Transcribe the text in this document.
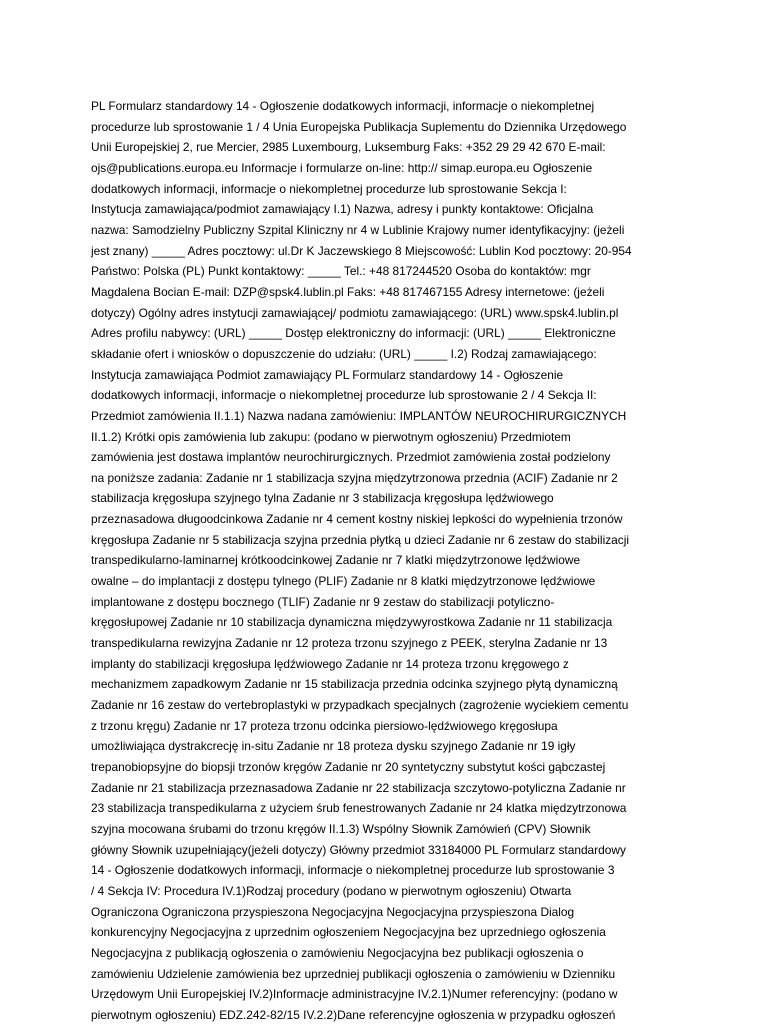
PL Formularz standardowy 14 - Ogłoszenie dodatkowych informacji, informacje o niekompletnej
procedurze lub sprostowanie 1 / 4 Unia Europejska Publikacja Suplementu do Dziennika Urzędowego
Unii Europejskiej 2, rue Mercier, 2985 Luxembourg, Luksemburg Faks: +352 29 29 42 670 E-mail:
ojs@publications.europa.eu Informacje i formularze on-line: http:// simap.europa.eu Ogłoszenie
dodatkowych informacji, informacje o niekompletnej procedurze lub sprostowanie Sekcja I:
Instytucja zamawiająca/podmiot zamawiający I.1) Nazwa, adresy i punkty kontaktowe: Oficjalna
nazwa: Samodzielny Publiczny Szpital Kliniczny nr 4 w Lublinie Krajowy numer identyfikacyjny: (jeżeli
jest znany) _____ Adres pocztowy: ul.Dr K Jaczewskiego 8 Miejscowość: Lublin Kod pocztowy: 20-954
Państwo: Polska (PL) Punkt kontaktowy: _____ Tel.: +48 817244520 Osoba do kontaktów: mgr
Magdalena Bocian E-mail: DZP@spsk4.lublin.pl Faks: +48 817467155 Adresy internetowe: (jeżeli
dotyczy) Ogólny adres instytucji zamawiającej/ podmiotu zamawiającego: (URL) www.spsk4.lublin.pl
Adres profilu nabywcy: (URL) _____ Dostęp elektroniczny do informacji: (URL) _____ Elektroniczne
składanie ofert i wniosków o dopuszczenie do udziału: (URL) _____ I.2) Rodzaj zamawiającego:
Instytucja zamawiająca Podmiot zamawiający PL Formularz standardowy 14 - Ogłoszenie
dodatkowych informacji, informacje o niekompletnej procedurze lub sprostowanie 2 / 4 Sekcja II:
Przedmiot zamówienia II.1.1) Nazwa nadana zamówieniu: IMPLANTÓW NEUROCHIRURGICZNYCH
II.1.2) Krótki opis zamówienia lub zakupu: (podano w pierwotnym ogłoszeniu) Przedmiotem
zamówienia jest dostawa implantów neurochirurgicznych. Przedmiot zamówienia został podzielony
na poniższe zadania: Zadanie nr 1 stabilizacja szyjna międzytrzonowa przednia (ACIF) Zadanie nr 2
stabilizacja kręgosłupa szyjnego tylna Zadanie nr 3 stabilizacja kręgosłupa lędźwiowego
przeznasadowa długoodcinkowa Zadanie nr 4 cement kostny niskiej lepkości do wypełnienia trzonów
kręgosłupa Zadanie nr 5 stabilizacja szyjna przednia płytką u dzieci Zadanie nr 6 zestaw do stabilizacji
transpedikularno-laminarnej krótkoodcinkowej Zadanie nr 7 klatki międzytrzonowe lędźwiowe
owalne – do implantacji z dostępu tylnego (PLIF) Zadanie nr 8 klatki międzytrzonowe lędźwiowe
implantowane z dostępu bocznego (TLIF) Zadanie nr 9 zestaw do stabilizacji potyliczno-
kręgosłupowej Zadanie nr 10 stabilizacja dynamiczna międzywyrostkowa Zadanie nr 11 stabilizacja
transpedikularna rewizyjna Zadanie nr 12 proteza trzonu szyjnego z PEEK, sterylna Zadanie nr 13
implanty do stabilizacji kręgosłupa lędźwiowego Zadanie nr 14 proteza trzonu kręgowego z
mechanizmem zapadkowym Zadanie nr 15 stabilizacja przednia odcinka szyjnego płytą dynamiczną
Zadanie nr 16 zestaw do vertebroplastyki w przypadkach specjalnych (zagrożenie wyciekiem cementu
z trzonu kręgu) Zadanie nr 17 proteza trzonu odcinka piersiowo-lędźwiowego kręgosłupa
umożliwiająca dystrakcrecję in-situ Zadanie nr 18 proteza dysku szyjnego Zadanie nr 19 igły
trepanobiopsyjne do biopsji trzonów kręgów Zadanie nr 20 syntetyczny substytut kości gąbczastej
Zadanie nr 21 stabilizacja przeznasadowa Zadanie nr 22 stabilizacja szczytowo-potyliczna Zadanie nr
23 stabilizacja transpedikularna z użyciem śrub fenestrowanych Zadanie nr 24 klatka międzytrzonowa
szyjna mocowana śrubami do trzonu kręgów II.1.3) Wspólny Słownik Zamówień (CPV) Słownik
główny Słownik uzupełniający(jeżeli dotyczy) Główny przedmiot 33184000 PL Formularz standardowy
14 - Ogłoszenie dodatkowych informacji, informacje o niekompletnej procedurze lub sprostowanie 3
/ 4 Sekcja IV: Procedura IV.1)Rodzaj procedury (podano w pierwotnym ogłoszeniu) Otwarta
Ograniczona Ograniczona przyspieszona Negocjacyjna Negocjacyjna przyspieszona Dialog
konkurencyjny Negocjacyjna z uprzednim ogłoszeniem Negocjacyjna bez uprzedniego ogłoszenia
Negocjacyjna z publikacją ogłoszenia o zamówieniu Negocjacyjna bez publikacji ogłoszenia o
zamówieniu Udzielenie zamówienia bez uprzedniej publikacji ogłoszenia o zamówieniu w Dzienniku
Urzędowym Unii Europejskiej IV.2)Informacje administracyjne IV.2.1)Numer referencyjny: (podano w
pierwotnym ogłoszeniu) EDZ.242-82/15 IV.2.2)Dane referencyjne ogłoszenia w przypadku ogłoszeń
